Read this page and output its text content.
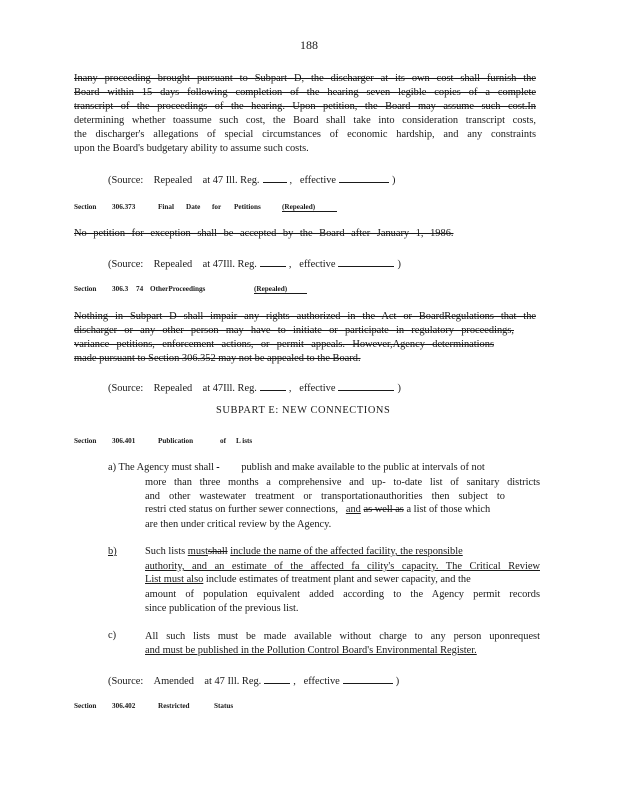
188
Inany proceeding brought pursuant to Subpart D, the discharger at its own cost shall furnish the
Board within 15 days following completion of the hearing seven legible copies of a complete
transcript of the proceedings of the hearing. Upon petition, the Board may assume such cost.In
determining whether toassume such cost, the Board shall take into consideration transcript costs,
the discharger's allegations of special circumstances of economic hardship, and any constraints
upon the Board's budgetary ability to assume such costs.
(Source: Repealed at 47 Ill. Reg.	,   effective	)
Section 306.373	Final Date for Petitions	(Repealed)
No petition for exception shall be accepted by the Board after January 1, 1986.
(Source: Repealed at 47Ill. Reg.	,   effective	)
Section 306.3 74 OtherProceedings	(Repealed)
Nothing in Subpart D shall impair any rights authorized in the Act or BoardRegulations that the
discharger or any other person may have to initiate or participate in regulatory proceedings,
variance petitions, enforcement actions, or permit appeals. However,Agency determinations
made pursuant to Section 306.352 may not be appealed to the Board.
(Source: Repealed at 47Ill. Reg.	,   effective	)
SUBPART E: NEW CONNECTIONS
Section 306.401	Publication	of L ists
a) The Agency must shall	publish and make available to the public at intervals of not
more than three months a comprehensive and up- to-date list of sanitary districts
and other wastewater treatment or transportationauthorities then subject to
restri cted status on further sewer connections, and as well as a list of those which
are then under critical review by the Agency.
b)	Such lists mustshall include the name of the affected facility, the responsible
authority, and an estimate of the affected fa cility's capacity. The Critical Review
List must also include estimates of treatment plant and sewer capacity, and the
amount of population equivalent added according to the Agency permit records
since publication of the previous list.
c)	All such lists must be made available without charge to any person uponrequest
and must be published in the Pollution Control Board's Environmental Register.
(Source: Amended at 47 Ill. Reg.	,   effective	)
Section 306.402	Restricted	Status
